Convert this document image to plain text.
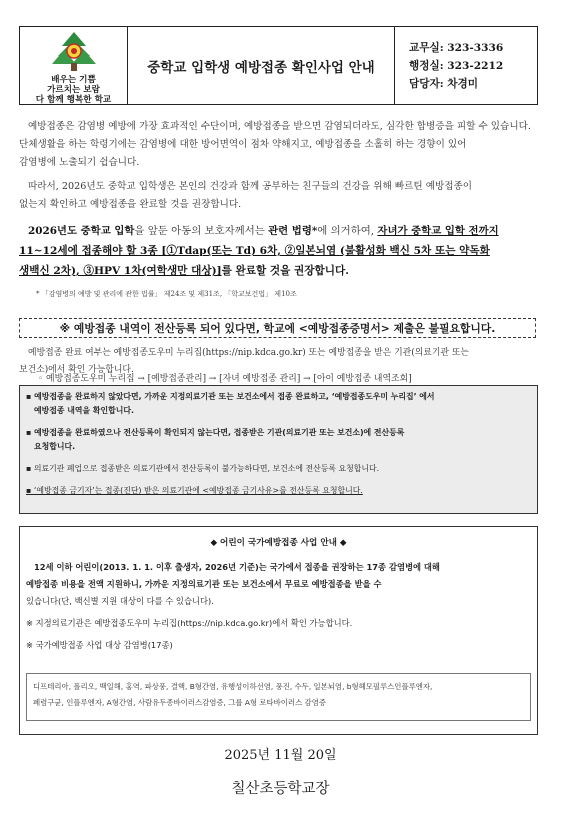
배우는 기쁨
가르치는 보람
다 함께 행복한 학교
중학교 입학생 예방접종 확인사업 안내
교무실: 323-3336
행정실: 323-2212
담당자: 차경미
예방접종은 감염병 예방에 가장 효과적인 수단이며, 예방접종을 받으면 감염되더라도, 심각한 합병증을 피할 수 있습니다.
단체생활을 하는 학령기에는 감염병에 대한 방어면역이 점차 약해지고, 예방접종을 소홀히 하는 경향이 있어
감염병에 노출되기 쉽습니다.
따라서, 2026년도 중학교 입학생은 본인의 건강과 함께 공부하는 친구들의 건강을 위해 빠르틴 예방접종이
없는지 확인하고 예방접종을 완료할 것을 권장합니다.
2026년도 중학교 입학을 앞둔 아동의 보호자께서는 관련 법령*에 의거하여, 자녀가 중학교 입학 전까지
11~12세에 접종해야 할 3종 [①Tdap(또는 Td) 6차, ②일본뇌염 (불활성화 백신 5차 또는 약독화
생백신 2차), ③HPV 1차(여학생만 대상)]를 완료할 것을 권장합니다.
* 「감염병의 예방 및 관리에 관한 법률」 제24조 및 제31조, 「학교보건법」 제10조
※ 예방접종 내역이 전산등록 되어 있다면, 학교에 <예방접종증명서> 제출은 불필요합니다.
예방접종 완료 여부는 예방접종도우미 누리집(https://nip.kdca.go.kr) 또는 예방접종을 받은 기관(의료기관 또는
보건소)에서 확인 가능합니다.
◦ 예방접종도우미 누리집 → [예방접종관리] → [자녀 예방접종 관리] → [아이 예방접종 내역조회]
▪ 예방접종을 완료하지 않았다면, 가까운 지정의료기관 또는 보건소에서 접종 완료하고, ‘예방접종도우미 누리집’ 에서
예방접종 내역을 확인합니다.
▪ 예방접종을 완료하였으나 전산등록이 확인되지 않는다면, 접종받은 기관(의료기관 또는 보건소)에 전산등록
요청합니다.
▪ 의료기관 폐업으로 접종받은 의료기관에서 전산등록이 불가능하다면, 보건소에 전산등록 요청합니다.
▪ ‘예방접종 금기자’는 접종(진단) 받은 의료기관에 <예방접종 금기사유>를 전산등록 요청합니다.
◆ 어린이 국가예방접종 사업 안내 ◆
12세 이하 어린이(2013. 1. 1. 이후 출생자, 2026년 기준)는 국가에서 접종을 권장하는 17종 감염병에 대해
예방접종 비용을 전액 지원하니, 가까운 지정의료기관 또는 보건소에서 무료로 예방접종을 받을 수
있습니다(단, 백신별 지원 대상이 다를 수 있습니다).
※ 지정의료기관은 예방접종도우미 누리집(https://nip.kdca.go.kr)에서 확인 가능합니다.
※ 국가예방접종 사업 대상 감염병(17종)
디프테리아, 폴리오, 백일해, 홍역, 파상풍, 결핵, B형간염, 유행성이하선염, 풍진, 수두, 일본뇌염, b형헤모필루스인플루엔자,
폐렴구균, 인플루엔자, A형간염, 사람유두종바이러스감염증, 그룹 A형 로타바이러스 감염증
2025년 11월 20일
칠산초등학교장
